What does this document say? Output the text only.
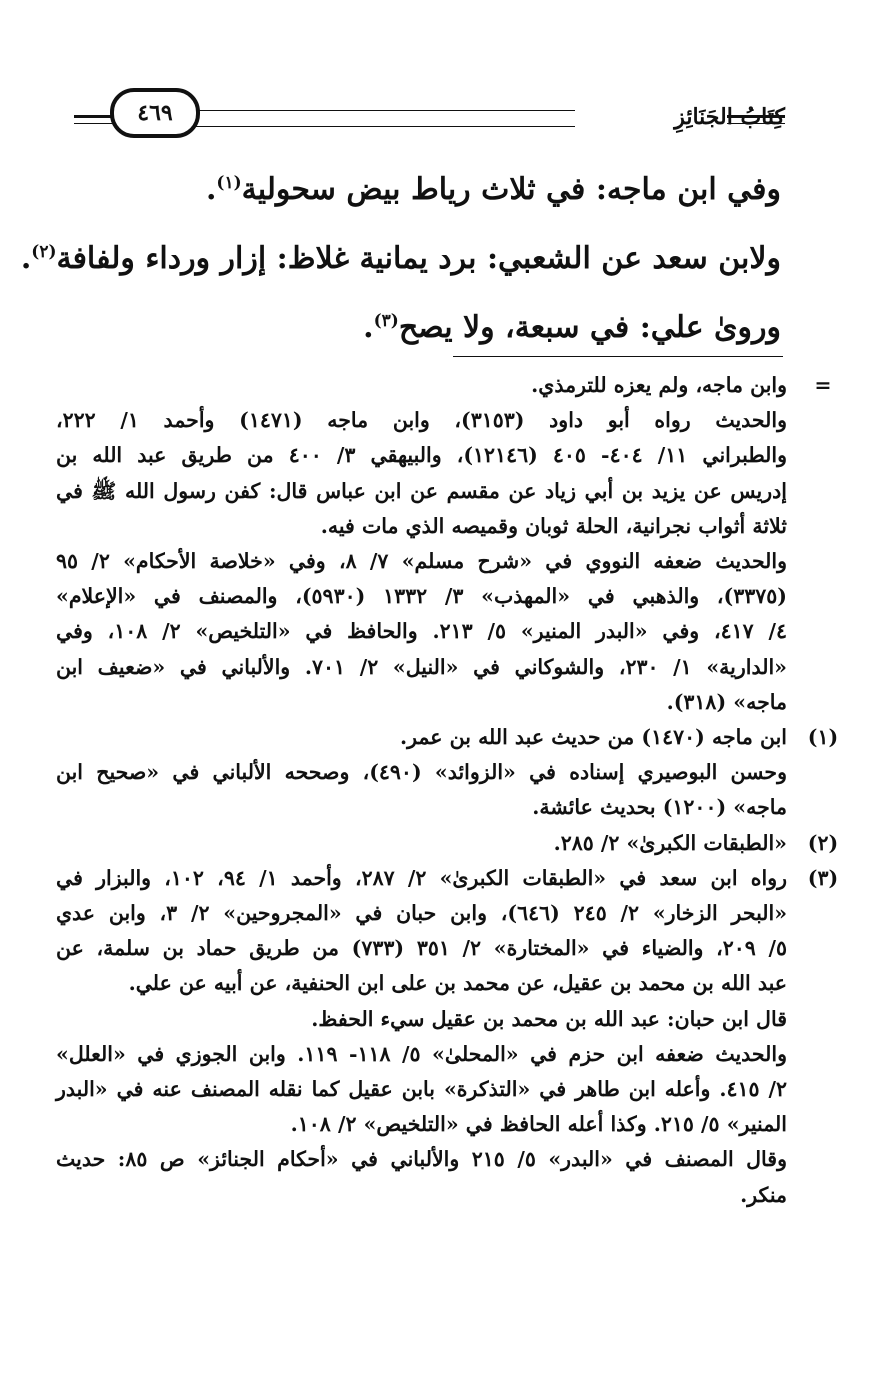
كِتَابُ الجَنَائِزِ
٤٦٩
وفي ابن ماجه: في ثلاث رياط بيض سحولية$^{(١)}$.
ولابن سعد عن الشعبي: برد يمانية غلاظ: إزار ورداء ولفافة$^{(٢)}$.
وروىٰ علي: في سبعة، ولا يصح$^{(٣)}$.
=
وابن ماجه، ولم يعزه للترمذي.
والحديث رواه أبو داود (٣١٥٣)، وابن ماجه (١٤٧١) وأحمد ١/ ٢٢٢،
والطبراني ١١/ ٤٠٤- ٤٠٥ (١٢١٤٦)، والبيهقي ٣/ ٤٠٠ من طريق عبد الله بن
إدريس عن يزيد بن أبي زياد عن مقسم عن ابن عباس قال: كفن رسول الله ﷺ في
ثلاثة أثواب نجرانية، الحلة ثوبان وقميصه الذي مات فيه.
والحديث ضعفه النووي في «شرح مسلم» ٧/ ٨، وفي «خلاصة الأحكام» ٢/ ٩٥
(٣٣٧٥)، والذهبي في «المهذب» ٣/ ١٣٣٢ (٥٩٣٠)، والمصنف في «الإعلام»
٤/ ٤١٧، وفي «البدر المنير» ٥/ ٢١٣. والحافظ في «التلخيص» ٢/ ١٠٨، وفي
«الدارية» ١/ ٢٣٠، والشوكاني في «النيل» ٢/ ٧٠١. والألباني في «ضعيف ابن
ماجه» (٣١٨).
(١)
ابن ماجه (١٤٧٠) من حديث عبد الله بن عمر.
وحسن البوصيري إسناده في «الزوائد» (٤٩٠)، وصححه الألباني في «صحيح ابن
ماجه» (١٢٠٠) بحديث عائشة.
(٢)
«الطبقات الكبرىٰ» ٢/ ٢٨٥.
(٣)
رواه ابن سعد في «الطبقات الكبرىٰ» ٢/ ٢٨٧، وأحمد ١/ ٩٤، ١٠٢، والبزار في
«البحر الزخار» ٢/ ٢٤٥ (٦٤٦)، وابن حبان في «المجروحين» ٢/ ٣، وابن عدي
٥/ ٢٠٩، والضياء في «المختارة» ٢/ ٣٥١ (٧٣٣) من طريق حماد بن سلمة، عن
عبد الله بن محمد بن عقيل، عن محمد بن على ابن الحنفية، عن أبيه عن علي.
قال ابن حبان: عبد الله بن محمد بن عقيل سيء الحفظ.
والحديث ضعفه ابن حزم في «المحلىٰ» ٥/ ١١٨- ١١٩. وابن الجوزي في «العلل»
٢/ ٤١٥. وأعله ابن طاهر في «التذكرة» بابن عقيل كما نقله المصنف عنه في «البدر
المنير» ٥/ ٢١٥. وكذا أعله الحافظ في «التلخيص» ٢/ ١٠٨.
وقال المصنف في «البدر» ٥/ ٢١٥ والألباني في «أحكام الجنائز» ص ٨٥: حديث
منكر.
